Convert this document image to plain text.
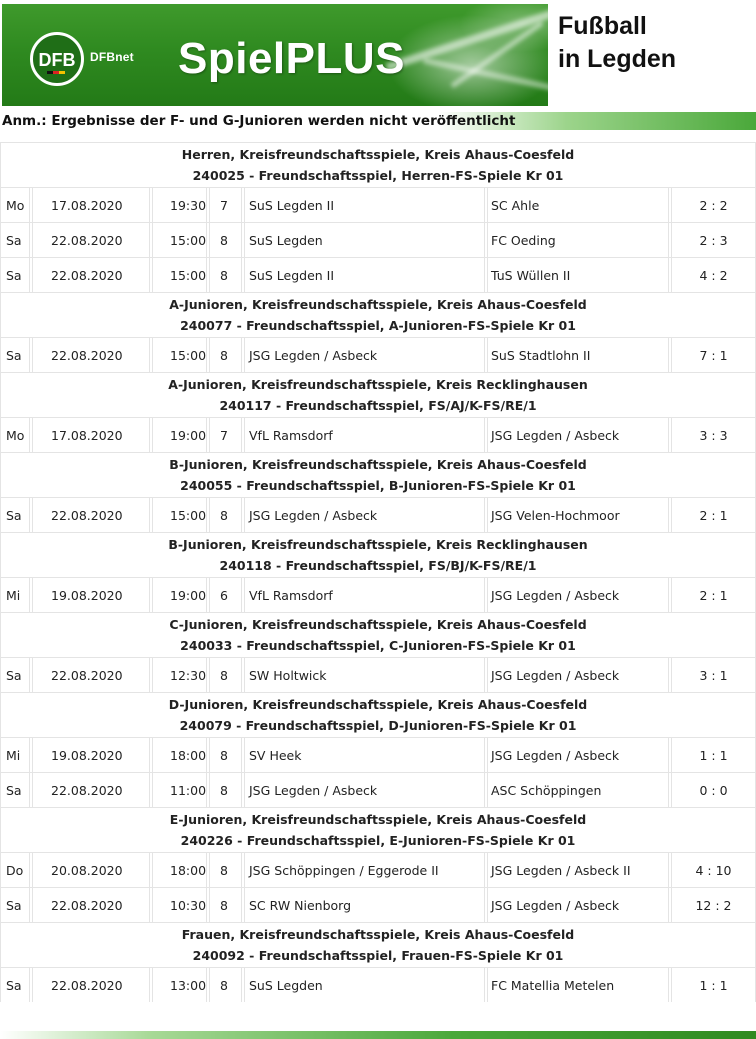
DFB DFBnet SpielPLUS
Fußball
in Legden
Anm.: Ergebnisse der F- und G-Junioren werden nicht veröffentlicht
Herren, Kreisfreundschaftsspiele, Kreis Ahaus-Coesfeld
240025 - Freundschaftsspiel, Herren-FS-Spiele Kr 01
Mo	17.08.2020	19:30	7	SuS Legden II	SC Ahle	2 : 2
Sa	22.08.2020	15:00	8	SuS Legden	FC Oeding	2 : 3
Sa	22.08.2020	15:00	8	SuS Legden II	TuS Wüllen II	4 : 2
A-Junioren, Kreisfreundschaftsspiele, Kreis Ahaus-Coesfeld
240077 - Freundschaftsspiel, A-Junioren-FS-Spiele Kr 01
Sa	22.08.2020	15:00	8	JSG Legden / Asbeck	SuS Stadtlohn II	7 : 1
A-Junioren, Kreisfreundschaftsspiele, Kreis Recklinghausen
240117 - Freundschaftsspiel, FS/AJ/K-FS/RE/1
Mo	17.08.2020	19:00	7	VfL Ramsdorf	JSG Legden / Asbeck	3 : 3
B-Junioren, Kreisfreundschaftsspiele, Kreis Ahaus-Coesfeld
240055 - Freundschaftsspiel, B-Junioren-FS-Spiele Kr 01
Sa	22.08.2020	15:00	8	JSG Legden / Asbeck	JSG Velen-Hochmoor	2 : 1
B-Junioren, Kreisfreundschaftsspiele, Kreis Recklinghausen
240118 - Freundschaftsspiel, FS/BJ/K-FS/RE/1
Mi	19.08.2020	19:00	6	VfL Ramsdorf	JSG Legden / Asbeck	2 : 1
C-Junioren, Kreisfreundschaftsspiele, Kreis Ahaus-Coesfeld
240033 - Freundschaftsspiel, C-Junioren-FS-Spiele Kr 01
Sa	22.08.2020	12:30	8	SW Holtwick	JSG Legden / Asbeck	3 : 1
D-Junioren, Kreisfreundschaftsspiele, Kreis Ahaus-Coesfeld
240079 - Freundschaftsspiel, D-Junioren-FS-Spiele Kr 01
Mi	19.08.2020	18:00	8	SV Heek	JSG Legden / Asbeck	1 : 1
Sa	22.08.2020	11:00	8	JSG Legden / Asbeck	ASC Schöppingen	0 : 0
E-Junioren, Kreisfreundschaftsspiele, Kreis Ahaus-Coesfeld
240226 - Freundschaftsspiel, E-Junioren-FS-Spiele Kr 01
Do	20.08.2020	18:00	8	JSG Schöppingen / Eggerode II	JSG Legden / Asbeck II	4 : 10
Sa	22.08.2020	10:30	8	SC RW Nienborg	JSG Legden / Asbeck	12 : 2
Frauen, Kreisfreundschaftsspiele, Kreis Ahaus-Coesfeld
240092 - Freundschaftsspiel, Frauen-FS-Spiele Kr 01
Sa	22.08.2020	13:00	8	SuS Legden	FC Matellia Metelen	1 : 1
